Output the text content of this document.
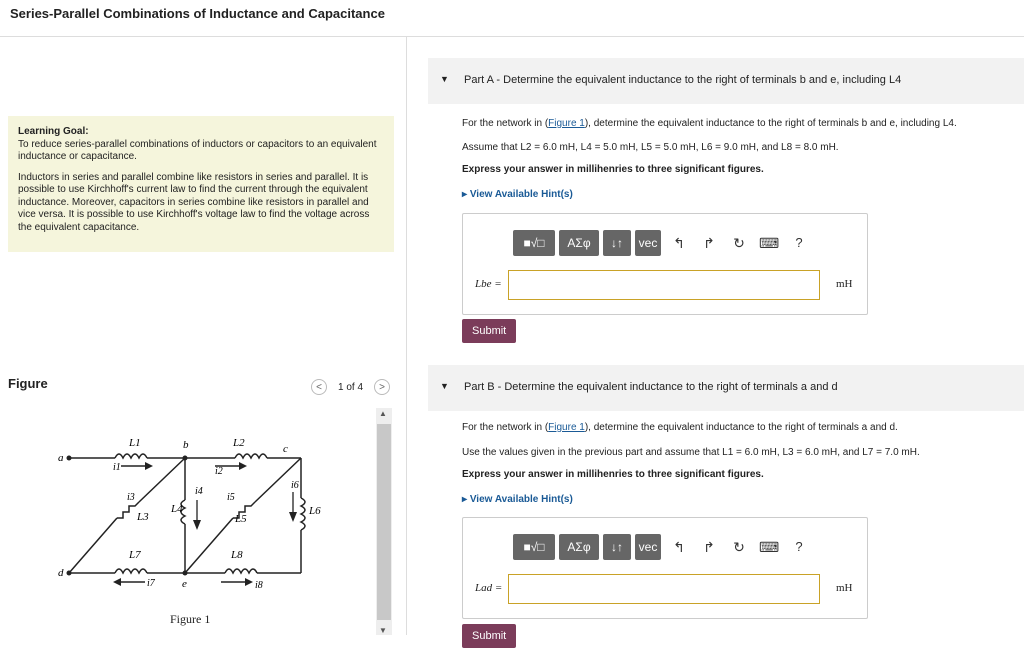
Series-Parallel Combinations of Inductance and Capacitance

Learning Goal:
To reduce series-parallel combinations of inductors or capacitors to an equivalent inductance or capacitance.

Inductors in series and parallel combine like resistors in series and parallel. It is possible to use Kirchhoff's current law to find the current through the equivalent inductance. Moreover, capacitors in series combine like resistors in parallel and vice versa. It is possible to use Kirchhoff's voltage law to find the voltage across the equivalent capacitance.

Figure	<	1 of 4	>
▲
▼
a
b	c
d
e
L1	L2
L3
L4
L5
L6
L7	L8
i1	i2
i3
i4
i5
i6
i7	i8
Figure 1
▼ Part A - Determine the equivalent inductance to the right of terminals b and e, including L4
For the network in (Figure 1), determine the equivalent inductance to the right of terminals b and e, including L4.
Assume that L2 = 6.0 mH, L4 = 5.0 mH, L5 = 5.0 mH, L6 = 9.0 mH, and L8 = 8.0 mH.
Express your answer in millihenries to three significant figures.
▸ View Available Hint(s)
■√□	ΑΣφ	↓↑	vec ↰ ↱ ↻ ⌨	?
Lbe =	mH
Submit
▼ Part B - Determine the equivalent inductance to the right of terminals a and d
For the network in (Figure 1), determine the equivalent inductance to the right of terminals a and d.
Use the values given in the previous part and assume that L1 = 6.0 mH, L3 = 6.0 mH, and L7 = 7.0 mH.
Express your answer in millihenries to three significant figures.
▸ View Available Hint(s)
■√□	ΑΣφ	↓↑	vec ↰ ↱ ↻ ⌨	?
Lad =	mH
Submit
